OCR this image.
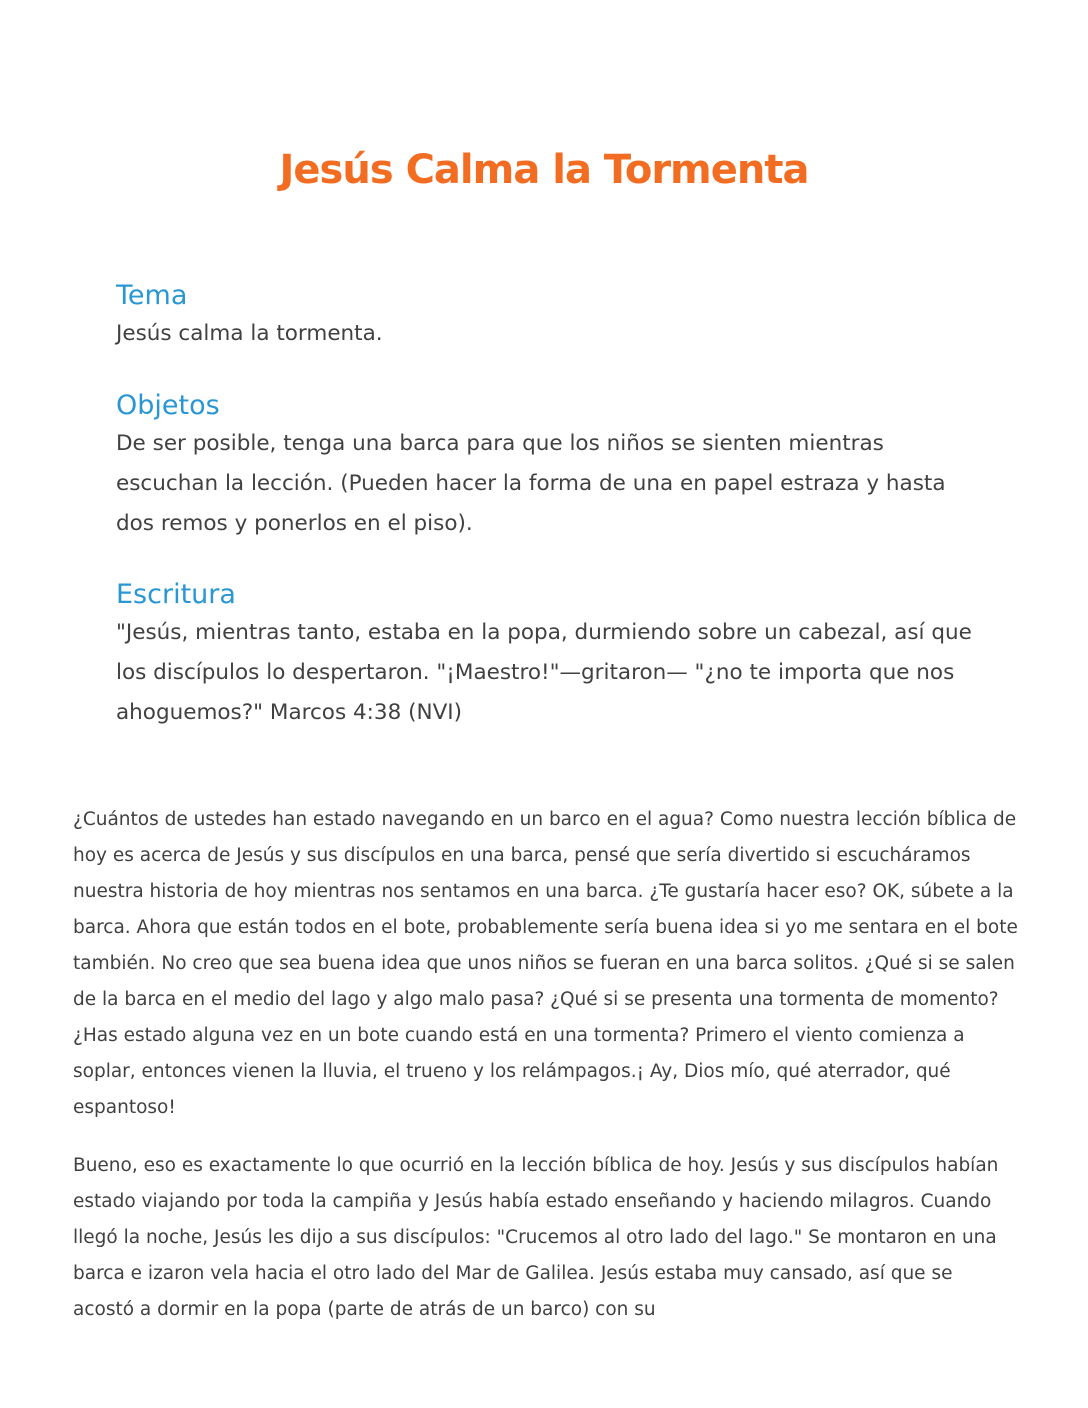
Jesús Calma la Tormenta
Tema

Jesús calma la tormenta.

Objetos

De ser posible, tenga una barca para que los niños se sienten mientras escuchan la lección. (Pueden hacer la forma de una en papel estraza y hasta dos remos y ponerlos en el piso).

Escritura

"Jesús, mientras tanto, estaba en la popa, durmiendo sobre un cabezal, así que los discípulos lo despertaron. "¡Maestro!"—gritaron— "¿no te importa que nos ahoguemos?" Marcos 4:38 (NVI)

¿Cuántos de ustedes han estado navegando en un barco en el agua? Como nuestra lección bíblica de hoy es acerca de Jesús y sus discípulos en una barca, pensé que sería divertido si escucháramos nuestra historia de hoy mientras nos sentamos en una barca. ¿Te gustaría hacer eso? OK, súbete a la barca. Ahora que están todos en el bote, probablemente sería buena idea si yo me sentara en el bote también. No creo que sea buena idea que unos niños se fueran en una barca solitos. ¿Qué si se salen de la barca en el medio del lago y algo malo pasa? ¿Qué si se presenta una tormenta de momento?¿Has estado alguna vez en un bote cuando está en una tormenta? Primero el viento comienza a soplar, entonces vienen la lluvia, el trueno y los relámpagos.¡ Ay, Dios mío, qué aterrador, qué espantoso!

Bueno, eso es exactamente lo que ocurrió en la lección bíblica de hoy. Jesús y sus discípulos habían estado viajando por toda la campiña y Jesús había estado enseñando y haciendo milagros. Cuando llegó la noche, Jesús les dijo a sus discípulos: "Crucemos al otro lado del lago." Se montaron en una barca e izaron vela hacia el otro lado del Mar de Galilea. Jesús estaba muy cansado, así que se acostó a dormir en la popa (parte de atrás de un barco) con su
